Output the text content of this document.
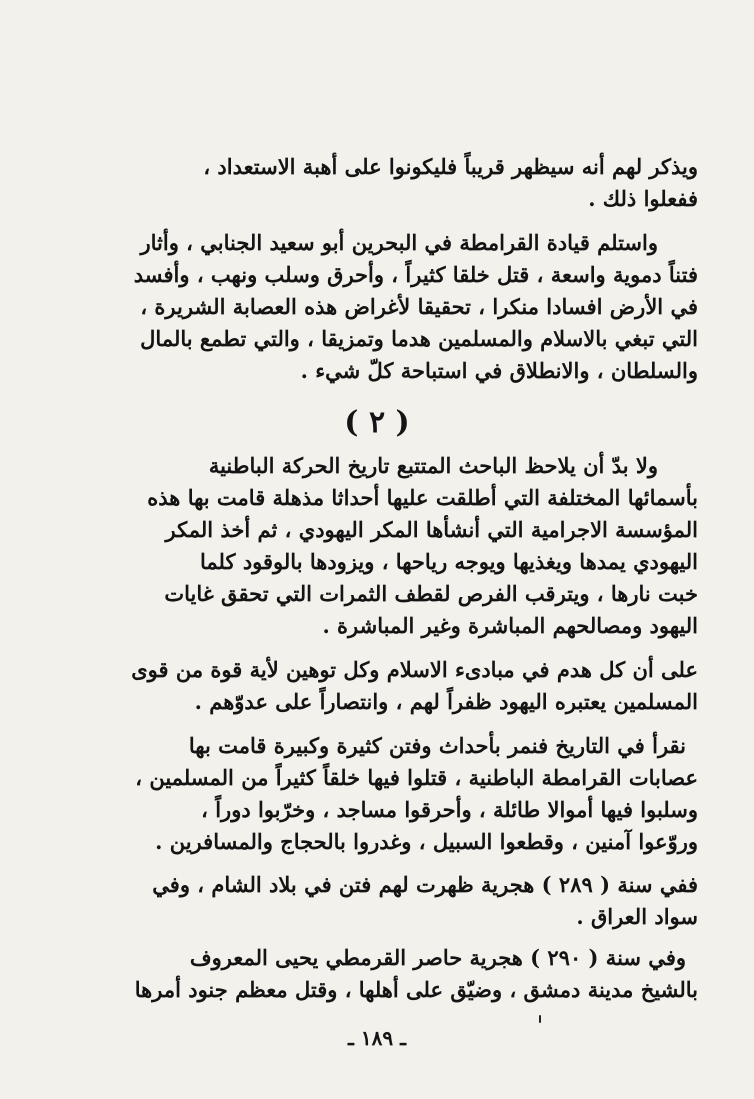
ويذكر لهم أنه سيظهر قريباً فليكونوا على أهبة الاستعداد ،
ففعلوا ذلك .
واستلم قيادة القرامطة في البحرين أبو سعيد الجنابي ، وأثار
فتناً دموية واسعة ، قتل خلقا كثيراً ، وأحرق وسلب ونهب ، وأفسد
في الأرض افسادا منكرا ، تحقيقا لأغراض هذه العصابة الشريرة ،
التي تبغي بالاسلام والمسلمين هدما وتمزيقا ، والتي تطمع بالمال
والسلطان ، والانطلاق في استباحة كلّ شيء .
( ٢ )
ولا بدّ أن يلاحظ الباحث المتتبع تاريخ الحركة الباطنية
بأسمائها المختلفة التي أطلقت عليها أحداثا مذهلة قامت بها هذه
المؤسسة الاجرامية التي أنشأها المكر اليهودي ، ثم أخذ المكر
اليهودي يمدها ويغذيها ويوجه رياحها ، ويزودها بالوقود كلما
خبت نارها ، ويترقب الفرص لقطف الثمرات التي تحقق غايات
اليهود ومصالحهم المباشرة وغير المباشرة .
على أن كل هدم في مبادىء الاسلام وكل توهين لأية قوة من قوى
المسلمين يعتبره اليهود ظفراً لهم ، وانتصاراً على عدوّهم .
نقرأ في التاريخ فنمر بأحداث وفتن كثيرة وكبيرة قامت بها
عصابات القرامطة الباطنية ، قتلوا فيها خلقاً كثيراً من المسلمين ،
وسلبوا فيها أموالا طائلة ، وأحرقوا مساجد ، وخرّبوا دوراً ،
وروّعوا آمنين ، وقطعوا السبيل ، وغدروا بالحجاج والمسافرين .
ففي سنة ( ٢٨٩ ) هجرية ظهرت لهم فتن في بلاد الشام ، وفي
سواد العراق .
وفي سنة ( ٢٩٠ ) هجرية حاصر القرمطي يحيى المعروف
بالشيخ مدينة دمشق ، وضيّق على أهلها ، وقتل معظم جنود أمرها
ـ ١٨٩ ـ
